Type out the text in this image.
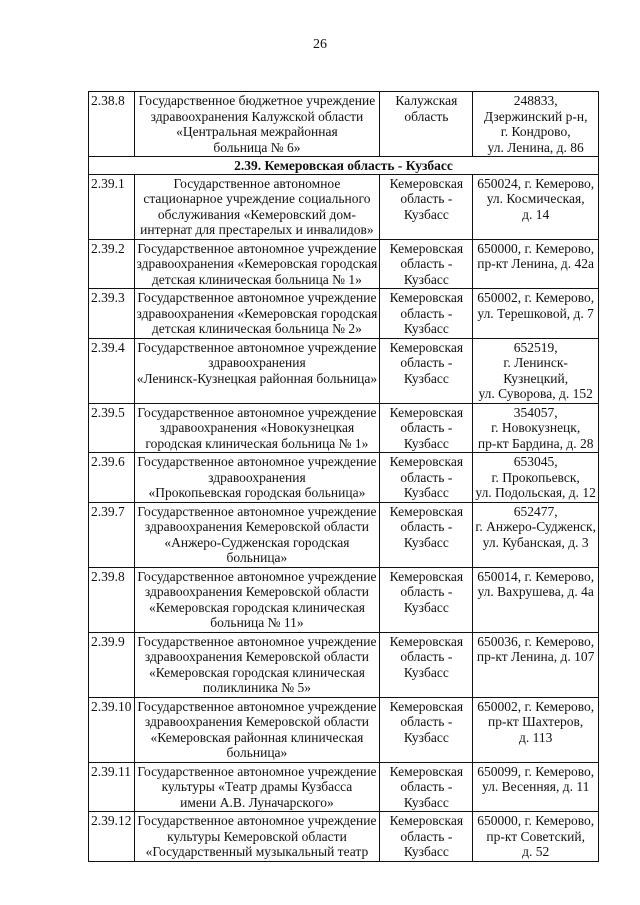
26
2.38.8	Государственное бюджетное учреждение
здравоохранения Калужской области
«Центральная межрайонная
больница № 6»	Калужская
область	248833,
Дзержинский р-н,
г. Кондрово,
ул. Ленина, д. 86

2.39. Кемеровская область - Кузбасс			
2.39.1	Государственное автономное
стационарное учреждение социального
обслуживания «Кемеровский дом-
интернат для престарелых и инвалидов»	Кемеровская
область -
Кузбасс	650024, г. Кемерово,
ул. Космическая,
д. 14

2.39.2	Государственное автономное учреждение
здравоохранения «Кемеровская городская
детская клиническая больница № 1»	Кемеровская
область -
Кузбасс	650000, г. Кемерово,
пр-кт Ленина, д. 42а

2.39.3	Государственное автономное учреждение
здравоохранения «Кемеровская городская
детская клиническая больница № 2»	Кемеровская
область -
Кузбасс	650002, г. Кемерово,
ул. Терешковой, д. 7

2.39.4	Государственное автономное учреждение
здравоохранения
«Ленинск-Кузнецкая районная больница»	Кемеровская
область -
Кузбасс	652519,
г. Ленинск-
Кузнецкий,
ул. Суворова, д. 152

2.39.5	Государственное автономное учреждение
здравоохранения «Новокузнецкая
городская клиническая больница № 1»	Кемеровская
область -
Кузбасс	354057,
г. Новокузнецк,
пр-кт Бардина, д. 28

2.39.6	Государственное автономное учреждение
здравоохранения
«Прокопьевская городская больница»	Кемеровская
область -
Кузбасс	653045,
г. Прокопьевск,
ул. Подольская, д. 12

2.39.7	Государственное автономное учреждение
здравоохранения Кемеровской области
«Анжеро-Судженская городская
больница»	Кемеровская
область -
Кузбасс	652477,
г. Анжеро-Судженск,
ул. Кубанская, д. 3

2.39.8	Государственное автономное учреждение
здравоохранения Кемеровской области
«Кемеровская городская клиническая
больница № 11»	Кемеровская
область -
Кузбасс	650014, г. Кемерово,
ул. Вахрушева, д. 4а

2.39.9	Государственное автономное учреждение
здравоохранения Кемеровской области
«Кемеровская городская клиническая
поликлиника № 5»	Кемеровская
область -
Кузбасс	650036, г. Кемерово,
пр-кт Ленина, д. 107

2.39.10	Государственное автономное учреждение
здравоохранения Кемеровской области
«Кемеровская районная клиническая
больница»	Кемеровская
область -
Кузбасс	650002, г. Кемерово,
пр-кт Шахтеров,
д. 113

2.39.11	Государственное автономное учреждение
культуры «Театр драмы Кузбасса
имени А.В. Луначарского»	Кемеровская
область -
Кузбасс	650099, г. Кемерово,
ул. Весенняя, д. 11

2.39.12	Государственное автономное учреждение
культуры Кемеровской области
«Государственный музыкальный театр	Кемеровская
область -
Кузбасс	650000, г. Кемерово,
пр-кт Советский,
д. 52
